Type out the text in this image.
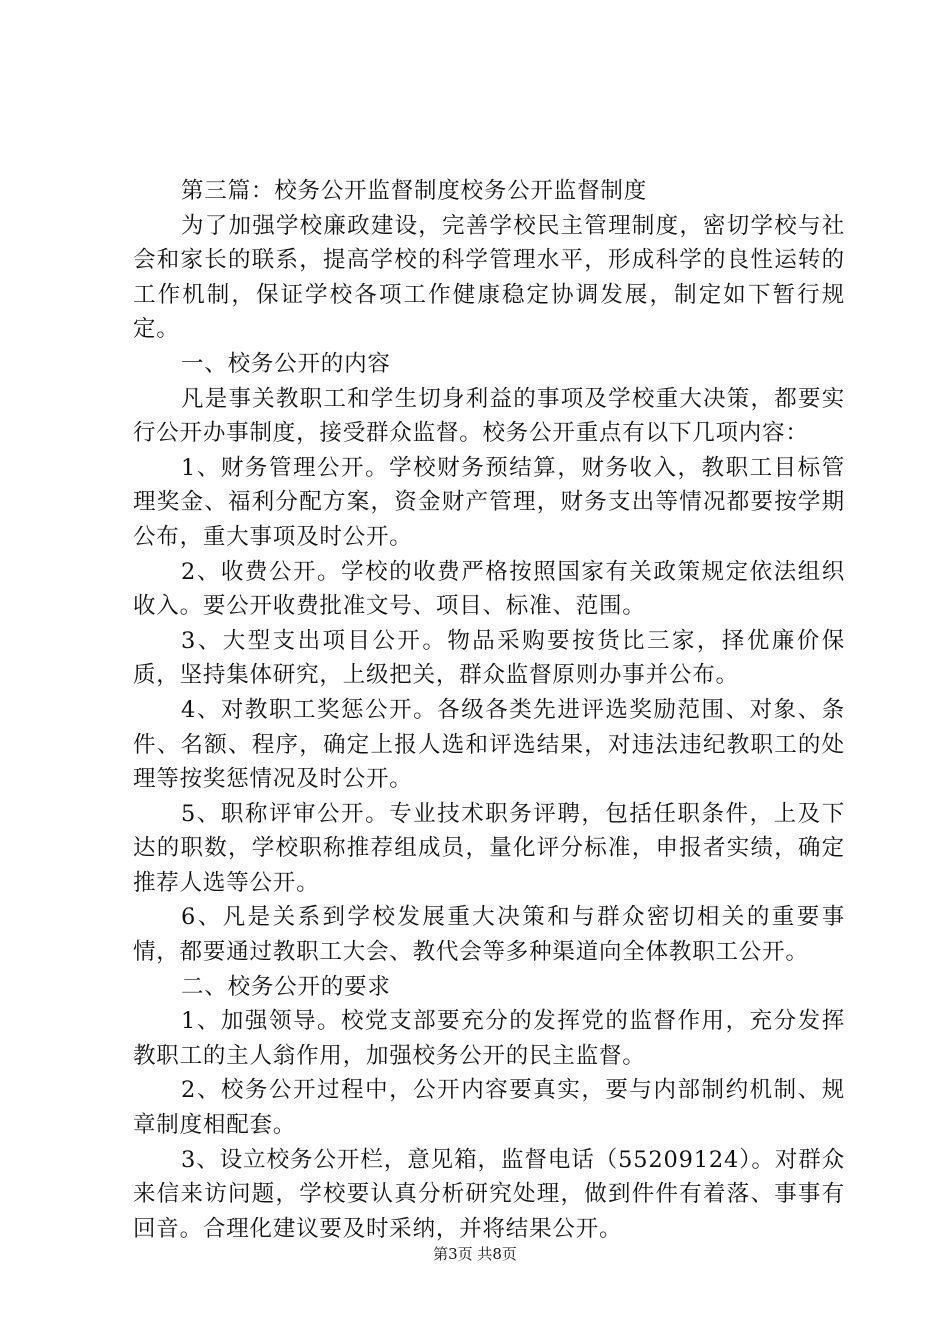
第三篇：校务公开监督制度校务公开监督制度

为了加强学校廉政建设，完善学校民主管理制度，密切学校与社会和家长的联系，提高学校的科学管理水平，形成科学的良性运转的工作机制，保证学校各项工作健康稳定协调发展，制定如下暂行规定。

一、校务公开的内容

凡是事关教职工和学生切身利益的事项及学校重大决策，都要实行公开办事制度，接受群众监督。校务公开重点有以下几项内容：

1、财务管理公开。学校财务预结算，财务收入，教职工目标管理奖金、福利分配方案，资金财产管理，财务支出等情况都要按学期公布，重大事项及时公开。

2、收费公开。学校的收费严格按照国家有关政策规定依法组织收入。要公开收费批准文号、项目、标准、范围。

3、大型支出项目公开。物品采购要按货比三家，择优廉价保质，坚持集体研究，上级把关，群众监督原则办事并公布。

4、对教职工奖惩公开。各级各类先进评选奖励范围、对象、条件、名额、程序，确定上报人选和评选结果，对违法违纪教职工的处理等按奖惩情况及时公开。

5、职称评审公开。专业技术职务评聘，包括任职条件，上及下达的职数，学校职称推荐组成员，量化评分标准，申报者实绩，确定推荐人选等公开。

6、凡是关系到学校发展重大决策和与群众密切相关的重要事情，都要通过教职工大会、教代会等多种渠道向全体教职工公开。

二、校务公开的要求

1、加强领导。校党支部要充分的发挥党的监督作用，充分发挥教职工的主人翁作用，加强校务公开的民主监督。

2、校务公开过程中，公开内容要真实，要与内部制约机制、规章制度相配套。

3、设立校务公开栏，意见箱，监督电话（55209124）。对群众来信来访问题，学校要认真分析研究处理，做到件件有着落、事事有回音。合理化建议要及时采纳，并将结果公开。

第3页 共8页
